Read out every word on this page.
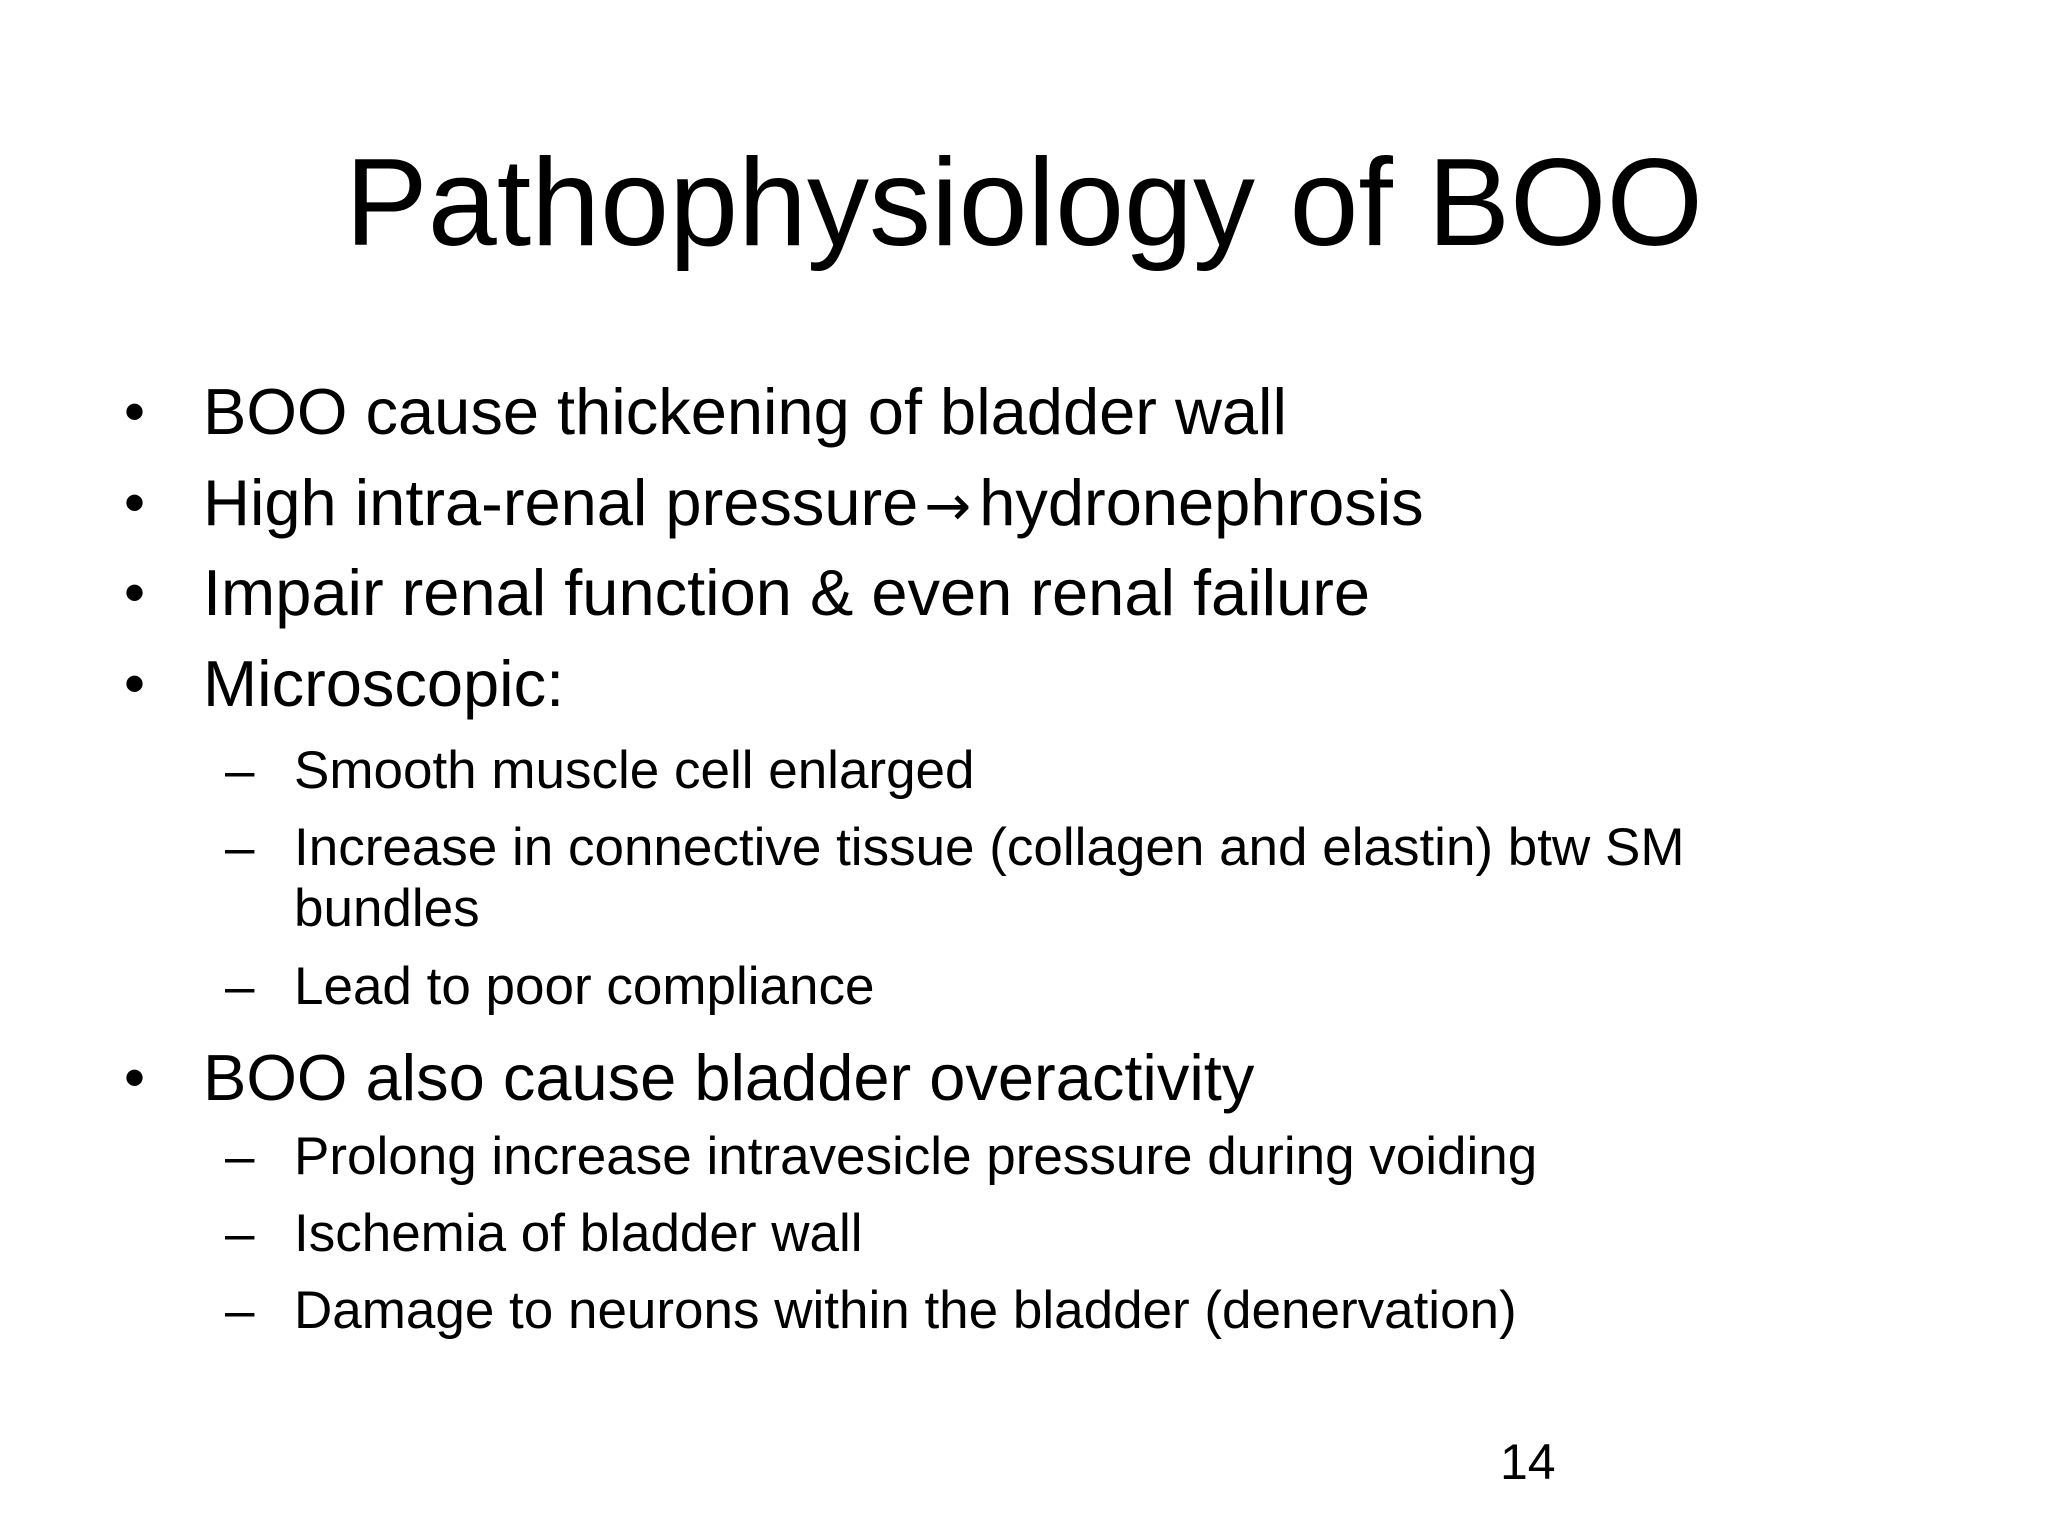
Pathophysiology of BOO
• BOO cause thickening of bladder wall
• High intra-renal pressure → hydronephrosis
• Impair renal function & even renal failure
• Microscopic:
– Smooth muscle cell enlarged
– Increase in connective tissue (collagen and elastin) btw SM
bundles
– Lead to poor compliance
• BOO also cause bladder overactivity
– Prolong increase intravesicle pressure during voiding
– Ischemia of bladder wall
– Damage to neurons within the bladder (denervation)
14
